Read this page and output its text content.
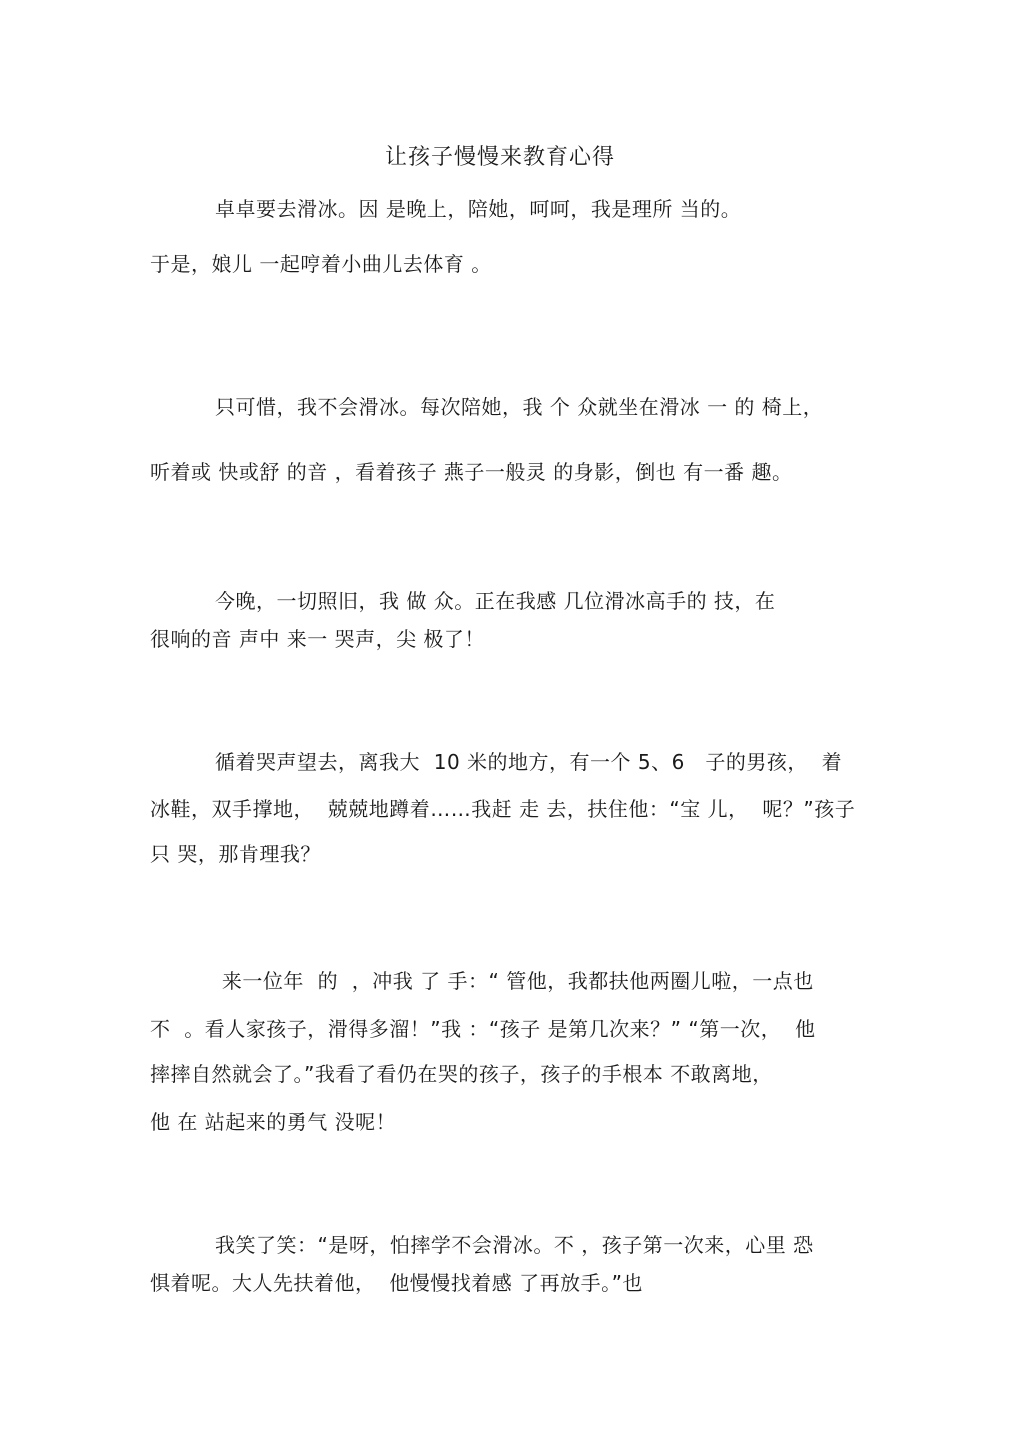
让孩子慢慢来教育心得
卓卓要去滑冰。因 是晚上，陪她，呵呵，我是理所 当的。
于是，娘儿 一起哼着小曲儿去体育 。
只可惜，我不会滑冰。每次陪她，我 个 众就坐在滑冰 一 的 椅上，
听着或 快或舒 的音 ，看着孩子 燕子一般灵 的身影，倒也 有一番 趣。
今晚，一切照旧，我 做 众。正在我感 几位滑冰高手的 技，在
很响的音 声中 来一 哭声，尖 极了！
循着哭声望去，离我大  10 米的地方，有一个 5、6   子的男孩，  着
冰鞋，双手撑地，  兢兢地蹲着……我赶 走 去，扶住他：“宝 儿，  呢？”孩子
只 哭，那肯理我？
来一位年  的  ，冲我 了 手：“ 管他，我都扶他两圈儿啦，一点也
不  。看人家孩子，滑得多溜！”我 ：“孩子 是第几次来？” “第一次，  他
摔摔自然就会了。”我看了看仍在哭的孩子，孩子的手根本 不敢离地，
他 在 站起来的勇气 没呢！
我笑了笑：“是呀，怕摔学不会滑冰。不 ，孩子第一次来，心里 恐
惧着呢。大人先扶着他，  他慢慢找着感 了再放手。”也
